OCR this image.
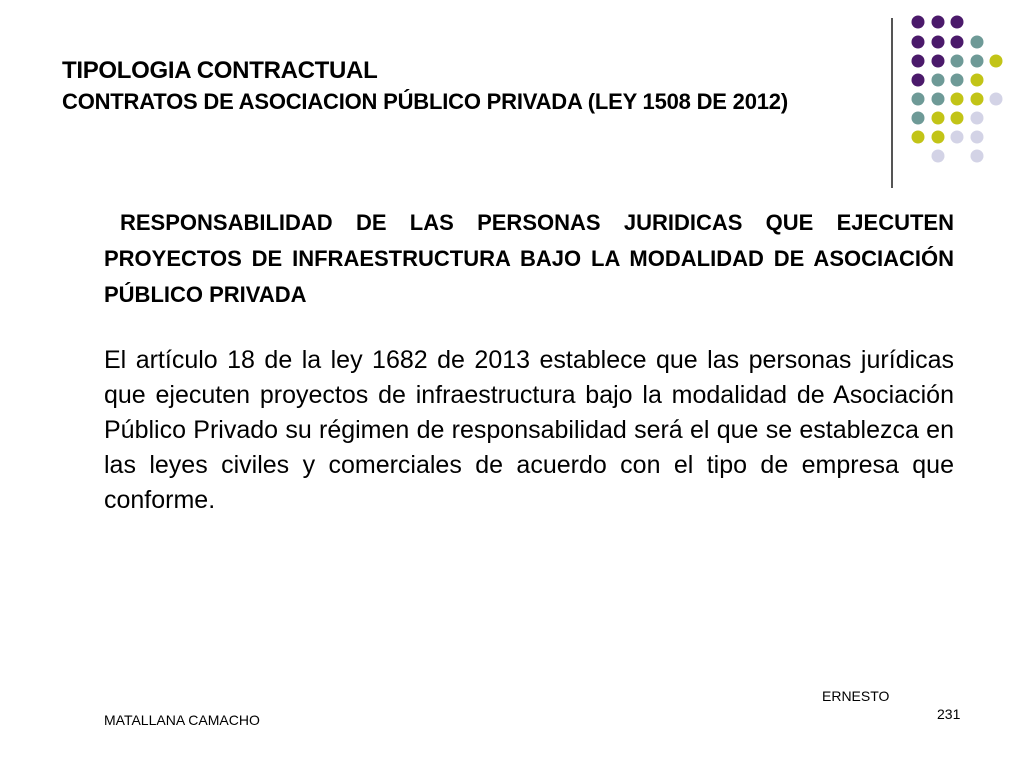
TIPOLOGIA CONTRACTUAL
CONTRATOS DE ASOCIACION PÚBLICO PRIVADA (LEY 1508 DE 2012)

RESPONSABILIDAD DE LAS PERSONAS JURIDICAS QUE EJECUTEN PROYECTOS DE INFRAESTRUCTURA BAJO LA MODALIDAD DE ASOCIACIÓN PÚBLICO PRIVADA

El artículo 18 de la ley 1682 de 2013 establece que las personas jurídicas que ejecuten proyectos de infraestructura bajo la modalidad de Asociación Público Privado su régimen de responsabilidad será el que se establezca en las leyes civiles y comerciales de acuerdo con el tipo de empresa que conforme.

ERNESTO
MATALLANA CAMACHO	231
